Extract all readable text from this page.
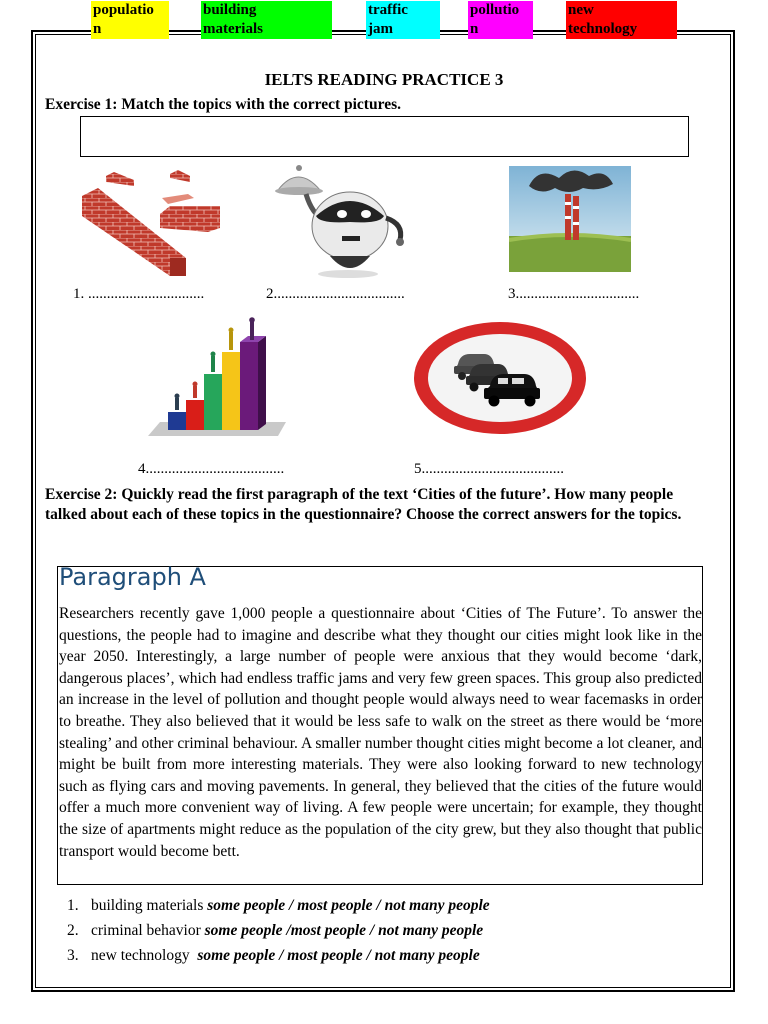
IELTS READING PRACTICE 3
Exercise 1: Match the topics with the correct pictures.
populatio
n
building
materials
traffic
jam
pollutio
n
new
technology
1. ...............................	2...................................	3.................................
4.....................................	5......................................
Exercise 2: Quickly read the first paragraph of the text ‘Cities of the future’. How many people talked about each of these topics in the questionnaire? Choose the correct answers for the topics.
Paragraph A
Researchers recently gave 1,000 people a questionnaire about ‘Cities of The Future’. To answer the questions, the people had to imagine and describe what they thought our cities might look like in the year 2050. Interestingly, a large number of people were anxious that they would become ‘dark, dangerous places’, which had endless traffic jams and very few green spaces. This group also predicted an increase in the level of pollution and thought people would always need to wear facemasks in order to breathe. They also believed that it would be less safe to walk on the street as there would be ‘more stealing’ and other criminal behaviour. A smaller number thought cities might become a lot cleaner, and might be built from more interesting materials. They were also looking forward to new technology such as flying cars and moving pavements. In general, they believed that the cities of the future would offer a much more convenient way of living. A few people were uncertain; for example, they thought the size of apartments might reduce as the population of the city grew, but they also thought that public transport would become bett.
1. building materials some people / most people / not many people
2. criminal behavior some people /most people / not many people
3. new technology  some people / most people / not many people
